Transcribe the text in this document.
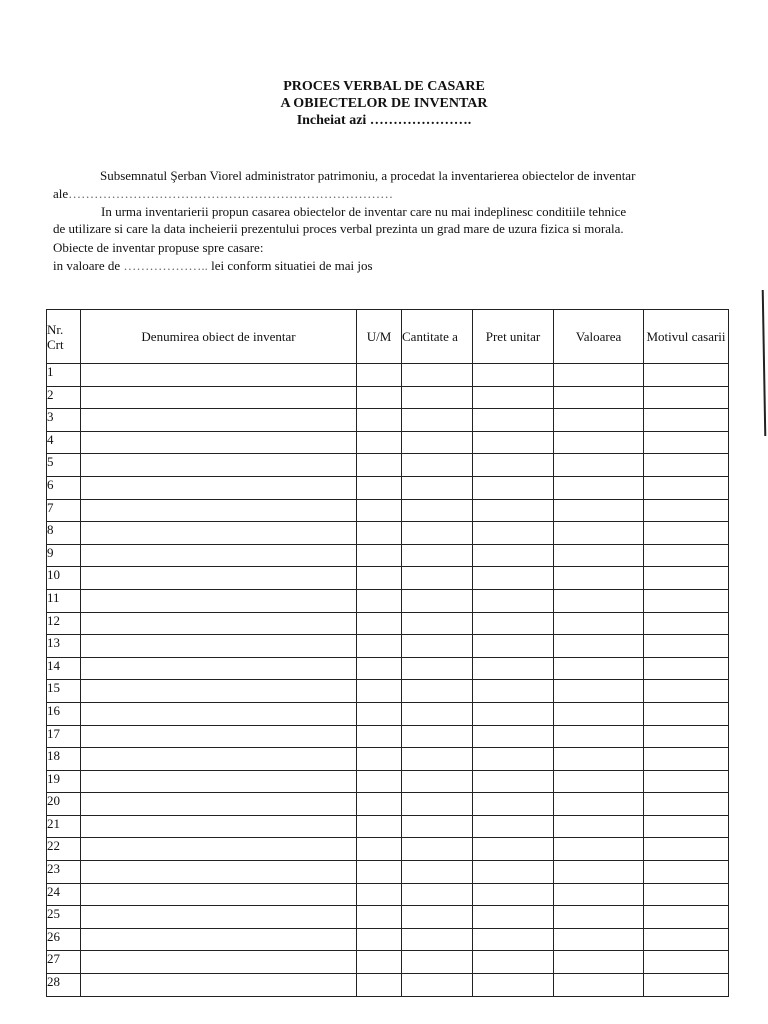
PROCES VERBAL DE CASARE
A OBIECTELOR DE INVENTAR
Incheiat azi ………………….
Subsemnatul Şerban Viorel administrator patrimoniu, a procedat la inventarierea obiectelor de inventar
ale…………………………………………………………………
In urma inventarierii propun casarea obiectelor de inventar care nu mai indeplinesc conditiile tehnice
de utilizare si care la data incheierii prezentului proces verbal prezinta un grad mare de uzura fizica si morala.
Obiecte de inventar propuse spre casare:
in valoare de ……………….. lei conform situatiei de mai jos
Nr. Crt	Denumirea obiect de inventar	U/M	Cantitate a	Pret unitar	Valoarea	Motivul casarii
1						
2						
3						
4						
5						
6						
7						
8						
9						
10						
11						
12						
13						
14						
15						
16						
17						
18						
19						
20						
21						
22						
23						
24						
25						
26						
27						
28						
